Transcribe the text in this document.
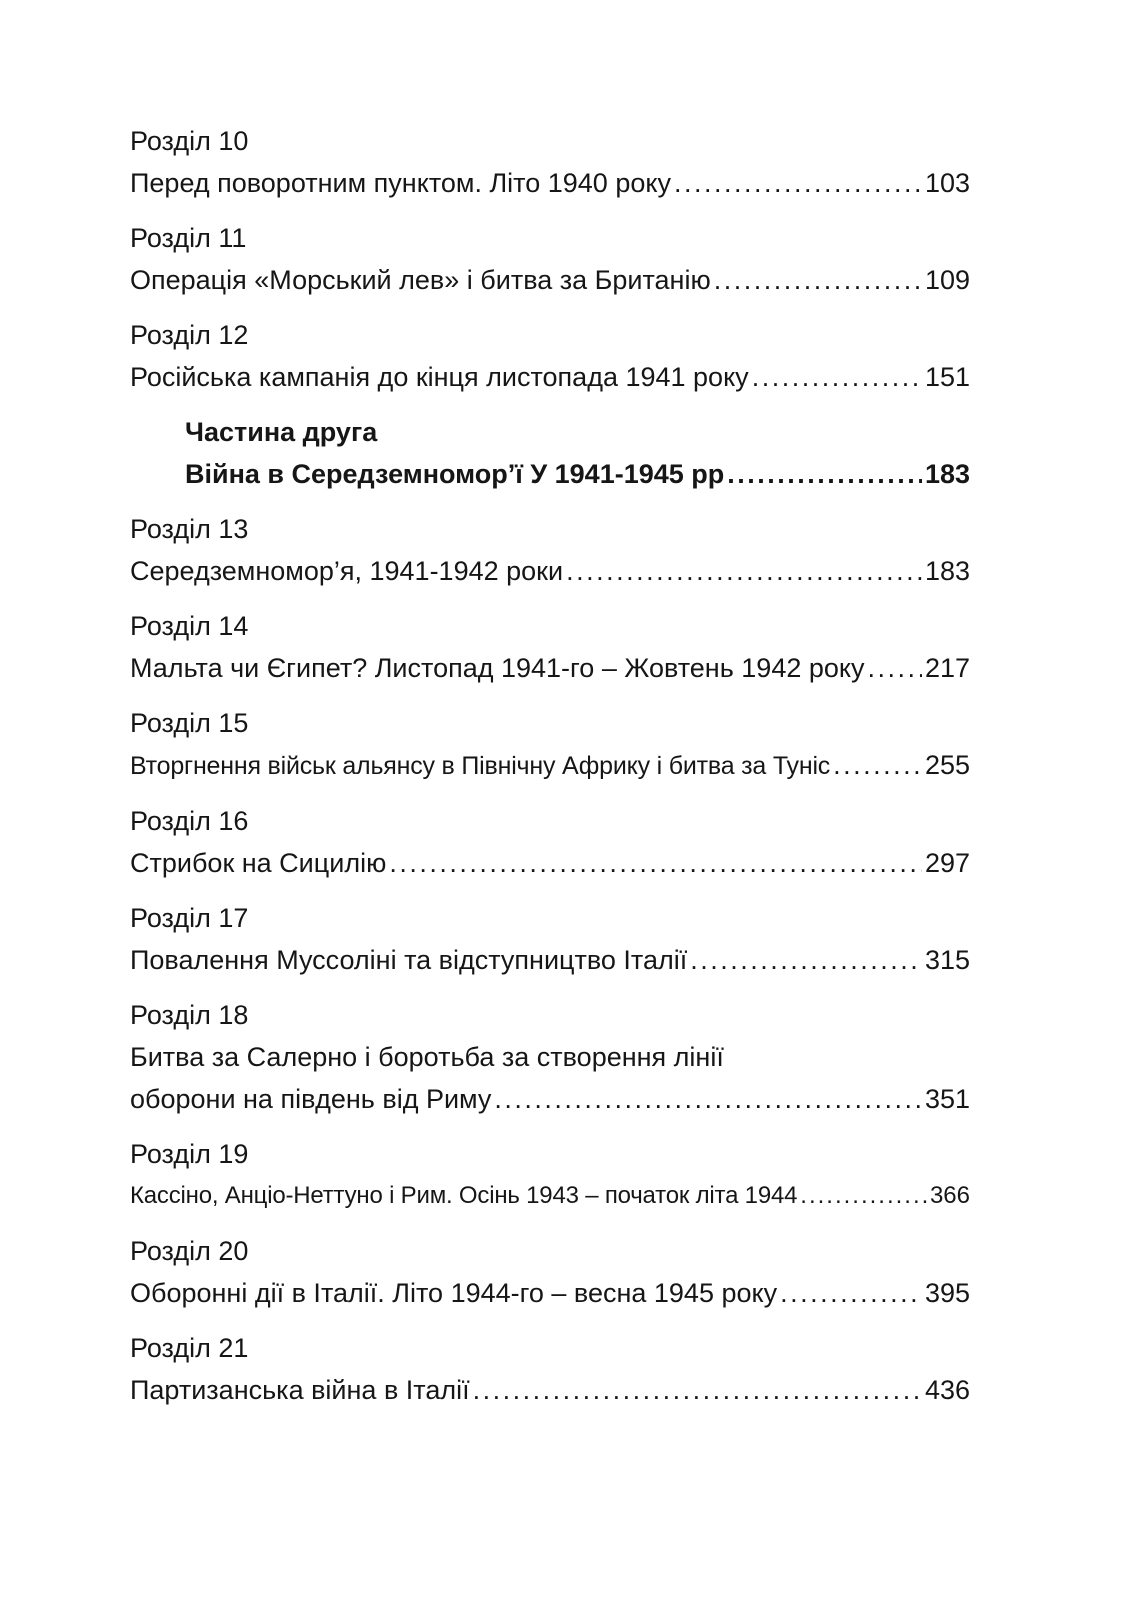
Розділ 10
Перед поворотним пунктом. Літо 1940 року .....	103
Розділ 11
Операція «Морський лев» і битва за Британію .....	109
Розділ 12
Російська кампанія до кінця листопада 1941 року .....	151
Частина друга
Війна в Середземномор’ї У 1941-1945 рр .....	183
Розділ 13
Середземномор’я, 1941-1942 роки .....	183
Розділ 14
Мальта чи Єгипет? Листопад 1941-го – Жовтень 1942 року ..... 217
Розділ 15
Вторгнення військ альянсу в Північну Африку і битва за Туніс .....	255
Розділ 16
Стрибок на Сицилію .....	297
Розділ 17
Повалення Муссоліні та відступництво Італії .....	315
Розділ 18
Битва за Салерно і боротьба за створення лінії
оборони на південь від Риму .....	351
Розділ 19
Кассіно, Анціо-Неттуно і Рим. Осінь 1943 – початок літа 1944 .....	366
Розділ 20
Оборонні дії в Італії. Літо 1944-го – весна 1945 року .....	395
Розділ 21
Партизанська війна в Італії .....	436
